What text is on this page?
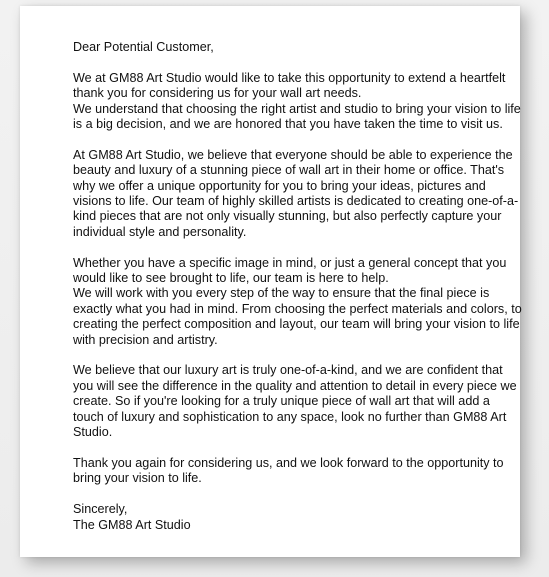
Dear Potential Customer,

We at GM88 Art Studio would like to take this opportunity to extend a heartfelt thank you for considering us for your wall art needs.
We understand that choosing the right artist and studio to bring your vision to life is a big decision, and we are honored that you have taken the time to visit us.

At GM88 Art Studio, we believe that everyone should be able to experience the beauty and luxury of a stunning piece of wall art in their home or office. That's why we offer a unique opportunity for you to bring your ideas, pictures and visions to life. Our team of highly skilled artists is dedicated to creating one-of-a-kind pieces that are not only visually stunning, but also perfectly capture your individual style and personality.

Whether you have a specific image in mind, or just a general concept that you would like to see brought to life, our team is here to help.
We will work with you every step of the way to ensure that the final piece is exactly what you had in mind. From choosing the perfect materials and colors, to creating the perfect composition and layout, our team will bring your vision to life with precision and artistry.

We believe that our luxury art is truly one-of-a-kind, and we are confident that you will see the difference in the quality and attention to detail in every piece we create. So if you're looking for a truly unique piece of wall art that will add a touch of luxury and sophistication to any space, look no further than GM88 Art Studio.

Thank you again for considering us, and we look forward to the opportunity to bring your vision to life.

Sincerely,
The GM88 Art Studio
